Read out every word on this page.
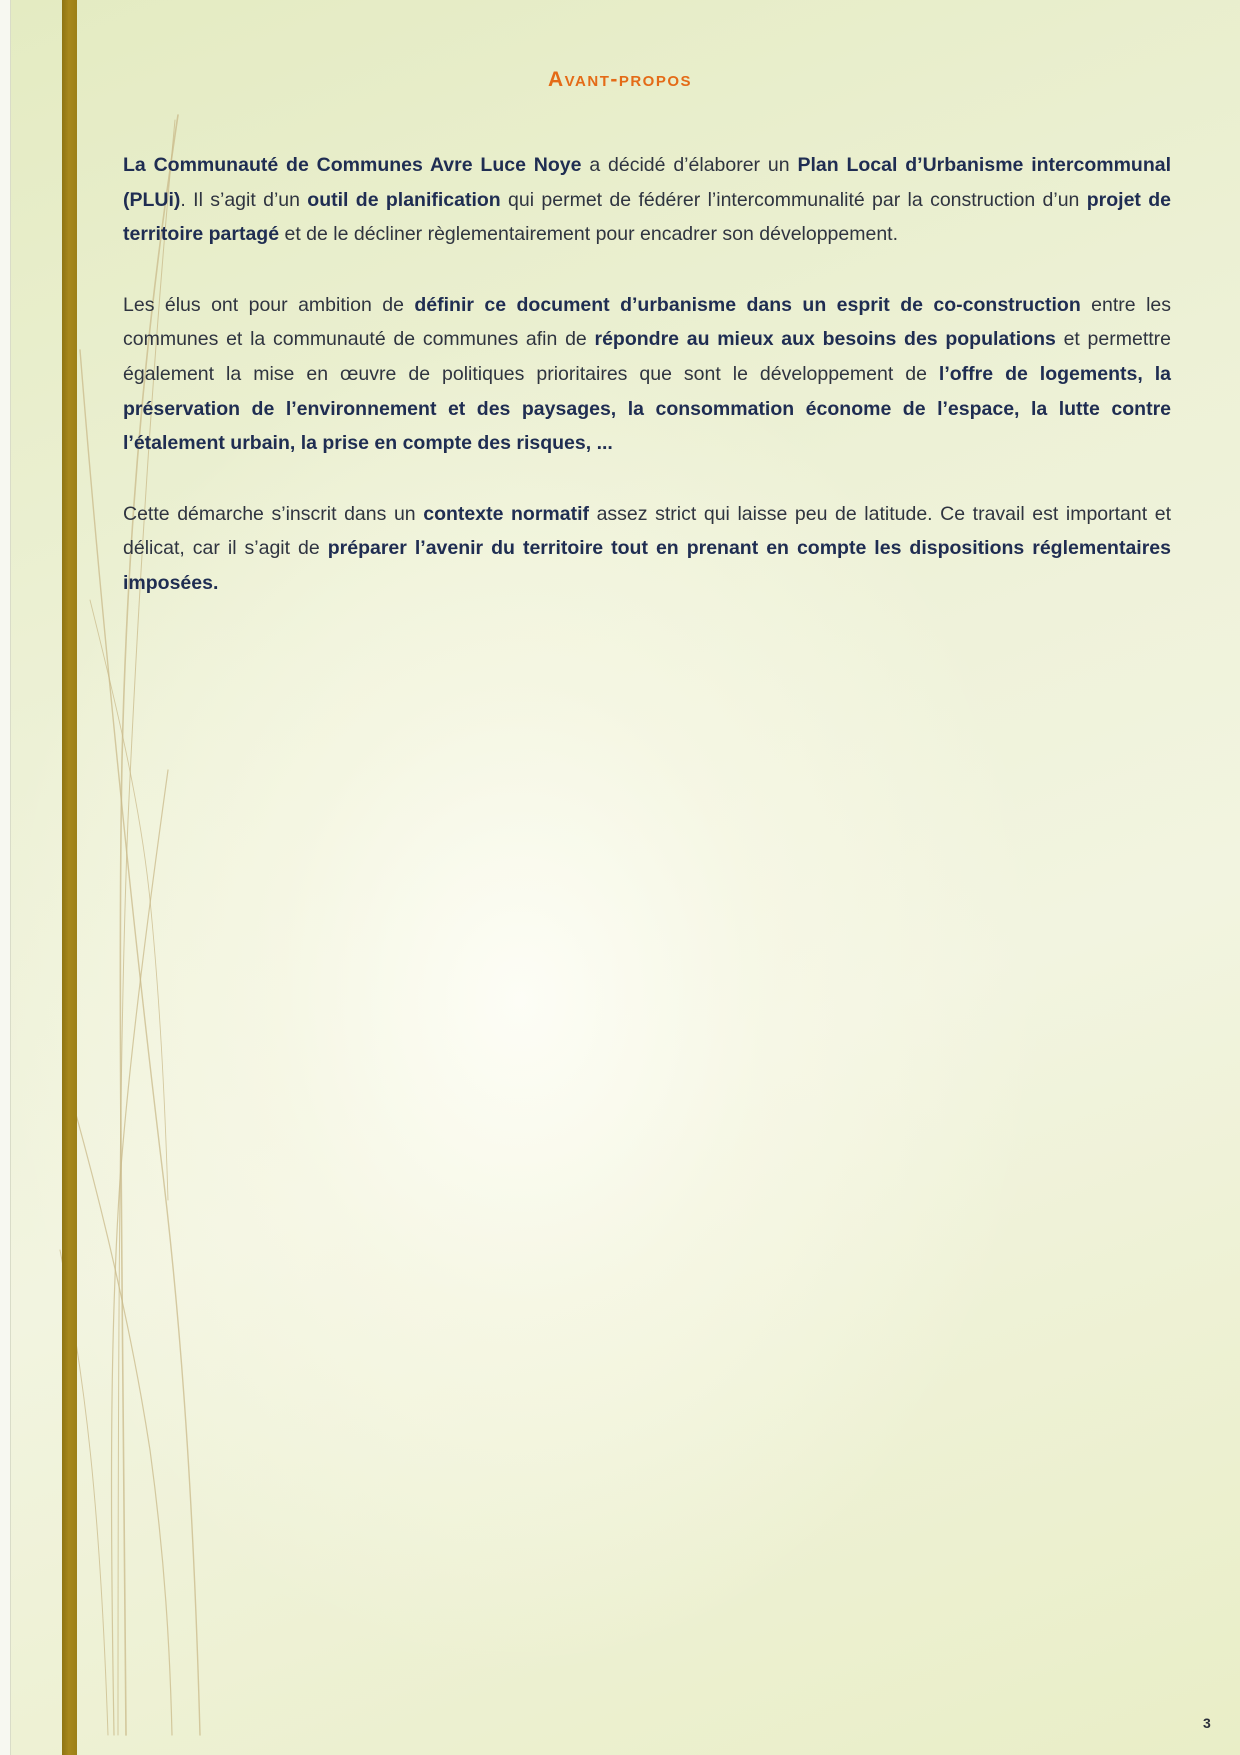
Avant-propos

La Communauté de Communes Avre Luce Noye a décidé d’élaborer un Plan Local d’Urbanisme intercommunal (PLUi). Il s’agit d’un outil de planification qui permet de fédérer l’intercommunalité par la construction d’un projet de territoire partagé et de le décliner règlementairement pour encadrer son développement.

Les élus ont pour ambition de définir ce document d’urbanisme dans un esprit de co-construction entre les communes et la communauté de communes afin de répondre au mieux aux besoins des populations et permettre également la mise en œuvre de politiques prioritaires que sont le développement de l’offre de logements, la préservation de l’environnement et des paysages, la consommation économe de l’espace, la lutte contre l’étalement urbain, la prise en compte des risques, ...

Cette démarche s’inscrit dans un contexte normatif assez strict qui laisse peu de latitude. Ce travail est important et délicat, car il s’agit de préparer l’avenir du territoire tout en prenant en compte les dispositions réglementaires imposées.

3
